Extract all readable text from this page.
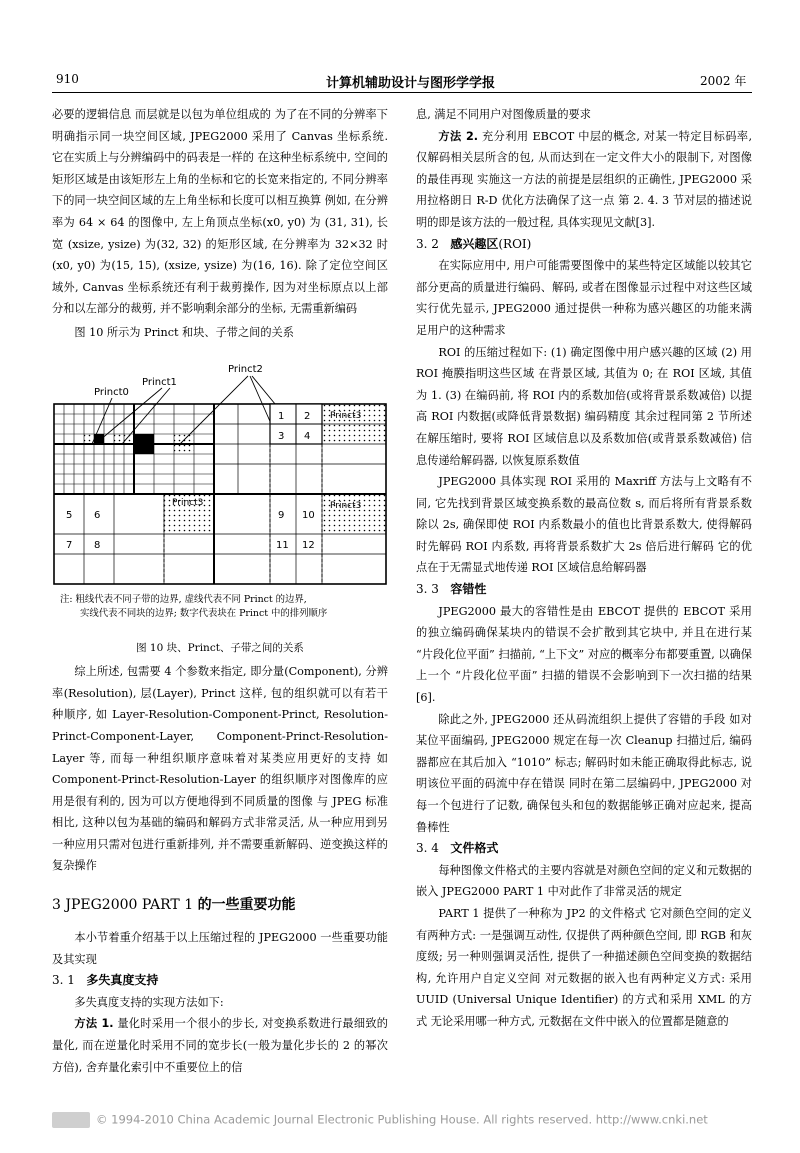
910	计算机辅助设计与图形学学报	2002 年

必要的逻辑信息 而层就是以包为单位组成的 为了在不同的分辨率下明确指示同一块空间区域, JPEG2000 采用了 Canvas 坐标系统. 它在实质上与分辨编码中的码表是一样的 在这种坐标系统中, 空间的矩形区域是由该矩形左上角的坐标和它的长宽来指定的, 不同分辨率下的同一块空间区域的左上角坐标和长度可以相互换算 例如, 在分辨率为 64 × 64 的图像中, 左上角顶点坐标(x0, y0) 为 (31, 31), 长宽 (xsize, ysize) 为(32, 32) 的矩形区域, 在分辨率为 32×32 时(x0, y0) 为(15, 15), (xsize, ysize) 为(16, 16). 除了定位空间区域外, Canvas 坐标系统还有利于裁剪操作, 因为对坐标原点以上部分和以左部分的裁剪, 并不影响剩余部分的坐标, 无需重新编码

图 10 所示为 Princt 和块、子带之间的关系

Princt0
Princt1
Princt2
1 2
3 4
5 6
7 8
9 10
11 12
Princt3
Princt3	Princt3
注: 粗线代表不同子带的边界, 虚线代表不同 Princt 的边界,
实线代表不同块的边界; 数字代表块在 Princt 中的排列顺序

图 10 块、Princt、子带之间的关系

综上所述, 包需要 4 个参数来指定, 即分量(Component), 分辨率(Resolution), 层(Layer), Princt 这样, 包的组织就可以有若干种顺序, 如 Layer-Resolution-Component-Princt, Resolution-Princt-Component-Layer, Component-Princt-Resolution-Layer 等, 而每一种组织顺序意味着对某类应用更好的支持 如 Component-Princt-Resolution-Layer 的组织顺序对图像库的应用是很有利的, 因为可以方便地得到不同质量的图像 与 JPEG 标准相比, 这种以包为基础的编码和解码方式非常灵活, 从一种应用到另一种应用只需对包进行重新排列, 并不需要重新解码、逆变换这样的复杂操作

3 JPEG2000 PART 1 的一些重要功能

本小节着重介绍基于以上压缩过程的 JPEG2000 一些重要功能及其实现

3. 1 多失真度支持

多失真度支持的实现方法如下:

方法 1. 量化时采用一个很小的步长, 对变换系数进行最细致的量化, 而在逆量化时采用不同的宽步长(一般为量化步长的 2 的幂次方倍), 舍弃量化索引中不重要位上的信

息, 满足不同用户对图像质量的要求

方法 2. 充分利用 EBCOT 中层的概念, 对某一特定目标码率, 仅解码相关层所含的包, 从而达到在一定文件大小的限制下, 对图像的最佳再现 实施这一方法的前提是层组织的正确性, JPEG2000 采用拉格朗日 R-D 优化方法确保了这一点 第 2. 4. 3 节对层的描述说明的即是该方法的一般过程, 具体实现见文献[3].

3. 2 感兴趣区(ROI)

在实际应用中, 用户可能需要图像中的某些特定区域能以较其它部分更高的质量进行编码、解码, 或者在图像显示过程中对这些区域实行优先显示, JPEG2000 通过提供一种称为感兴趣区的功能来满足用户的这种需求

ROI 的压缩过程如下: (1) 确定图像中用户感兴趣的区域 (2) 用 ROI 掩膜指明这些区域 在背景区域, 其值为 0; 在 ROI 区域, 其值为 1. (3) 在编码前, 将 ROI 内的系数加倍(或将背景系数减倍) 以提高 ROI 内数据(或降低背景数据) 编码精度 其余过程同第 2 节所述 在解压缩时, 要将 ROI 区域信息以及系数加倍(或背景系数减倍) 信息传递给解码器, 以恢复原系数值

JPEG2000 具体实现 ROI 采用的 Maxriff 方法与上文略有不同, 它先找到背景区域变换系数的最高位数 s, 而后将所有背景系数除以 2s, 确保即使 ROI 内系数最小的值也比背景系数大, 使得解码时先解码 ROI 内系数, 再将背景系数扩大 2s 倍后进行解码 它的优点在于无需显式地传递 ROI 区域信息给解码器

3. 3 容错性

JPEG2000 最大的容错性是由 EBCOT 提供的 EBCOT 采用的独立编码确保某块内的错误不会扩散到其它块中, 并且在进行某 “片段化位平面” 扫描前, “上下文” 对应的概率分布都要重置, 以确保上一个 “片段化位平面” 扫描的错误不会影响到下一次扫描的结果[6].

除此之外, JPEG2000 还从码流组织上提供了容错的手段 如对某位平面编码, JPEG2000 规定在每一次 Cleanup 扫描过后, 编码器都应在其后加入 “1010” 标志; 解码时如未能正确取得此标志, 说明该位平面的码流中存在错误 同时在第二层编码中, JPEG2000 对每一个包进行了记数, 确保包头和包的数据能够正确对应起来, 提高鲁棒性

3. 4 文件格式

每种图像文件格式的主要内容就是对颜色空间的定义和元数据的嵌入 JPEG2000 PART 1 中对此作了非常灵活的规定

PART 1 提供了一种称为 JP2 的文件格式 它对颜色空间的定义有两种方式: 一是强调互动性, 仅提供了两种颜色空间, 即 RGB 和灰度级; 另一种则强调灵活性, 提供了一种描述颜色空间变换的数据结构, 允许用户自定义空间 对元数据的嵌入也有两种定义方式: 采用 UUID (Universal Unique Identifier) 的方式和采用 XML 的方式 无论采用哪一种方式, 元数据在文件中嵌入的位置都是随意的

© 1994-2010 China Academic Journal Electronic Publishing House. All rights reserved. http://www.cnki.net
